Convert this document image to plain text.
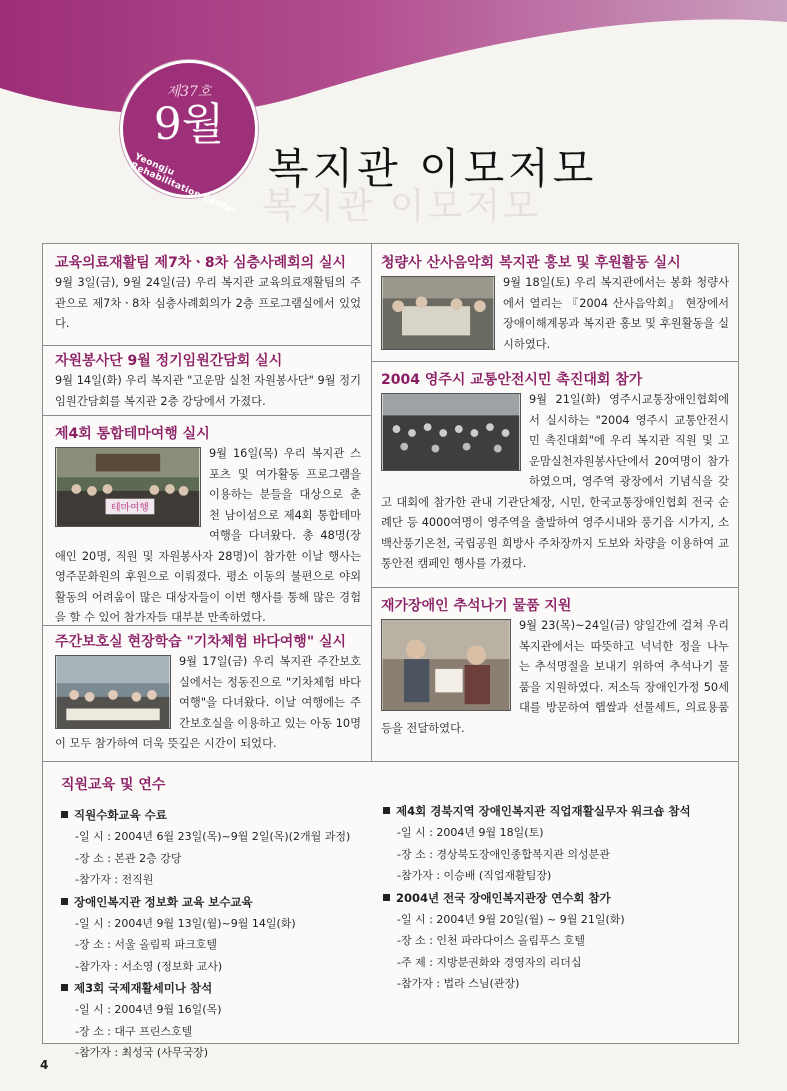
제37호
9월
Yeongju Rehabilitation Center 복지관 이모저모
복지관 이모저모
교육의료재활팀 제7차ㆍ8차 심층사례회의 실시

9월 3일(금), 9월 24일(금) 우리 복지관 교육의료재활팀의 주관으로 제7차ㆍ8차 심층사례회의가 2층 프로그램실에서 있었다.

자원봉사단 9월 정기임원간담회 실시

9월 14일(화) 우리 복지관 "고운맘 실천 자원봉사단" 9월 정기임원간담회를 복지관 2층 강당에서 가졌다.

제4회 통합테마여행 실시
테마여행

9월 16일(목) 우리 복지관 스포츠 및 여가활동 프로그램을 이용하는 분들을 대상으로 춘천 남이섬으로 제4회 통합테마여행을 다녀왔다. 총 48명(장애인 20명, 직원 및 자원봉사자 28명)이 참가한 이날 행사는 영주문화원의 후원으로 이뤄졌다. 평소 이동의 불편으로 야외활동의 어려움이 많은 대상자들이 이번 행사를 통해 많은 경험을 할 수 있어 참가자들 대부분 만족하였다.

주간보호실 현장학습 "기차체험 바다여행" 실시

9월 17일(금) 우리 복지관 주간보호실에서는 정동진으로 "기차체험 바다여행"을 다녀왔다. 이날 여행에는 주간보호실을 이용하고 있는 아동 10명이 모두 참가하여 더욱 뜻깊은 시간이 되었다.

청량사 산사음악회 복지관 홍보 및 후원활동 실시

9월 18일(토) 우리 복지관에서는 봉화 청량사에서 열리는 『2004 산사음악회』 현장에서 장애이해계몽과 복지관 홍보 및 후원활동을 실시하였다.

2004 영주시 교통안전시민 촉진대회 참가

9월 21일(화) 영주시교통장애인협회에서 실시하는 "2004 영주시 교통안전시민 촉진대회"에 우리 복지관 직원 및 고운맘실천자원봉사단에서 20여명이 참가하였으며, 영주역 광장에서 기념식을 갖고 대회에 참가한 관내 기관단체장, 시민, 한국교통장애인협회 전국 순례단 등 4000여명이 영주역을 출발하여 영주시내와 풍기읍 시가지, 소백산풍기온천, 국립공원 희방사 주차장까지 도보와 차량을 이용하여 교통안전 캠페인 행사를 가졌다.

재가장애인 추석나기 물품 지원

9월 23(목)~24일(금) 양일간에 걸쳐 우리 복지관에서는 따뜻하고 넉넉한 정을 나누는 추석명절을 보내기 위하여 추석나기 물품을 지원하였다. 저소득 장애인가정 50세대를 방문하여 햅쌀과 선물세트, 의료용품 등을 전달하였다.

직원교육 및 연수
직원수화교육 수료
-일 시 : 2004년 6월 23일(목)~9월 2일(목)(2개월 과정)
-장 소 : 본관 2층 강당
-참가자 : 전직원
장애인복지관 정보화 교육 보수교육
-일 시 : 2004년 9월 13일(월)~9월 14일(화)
-장 소 : 서울 올림픽 파크호텔
-참가자 : 서소영 (정보화 교사)
제3회 국제재활세미나 참석
-일 시 : 2004년 9월 16일(목)
-장 소 : 대구 프린스호텔
-참가자 : 최성국 (사무국장)
제4회 경북지역 장애인복지관 직업재활실무자 워크숍 참석
-일 시 : 2004년 9월 18일(토)
-장 소 : 경상북도장애인종합복지관 의성분관
-참가자 : 이승배 (직업재활팀장)
2004년 전국 장애인복지관장 연수회 참가
-일 시 : 2004년 9월 20일(월) ~ 9월 21일(화)
-장 소 : 인천 파라다이스 올림푸스 호텔
-주 제 : 지방분권화와 경영자의 리더십
-참가자 : 법라 스님(관장)
4
